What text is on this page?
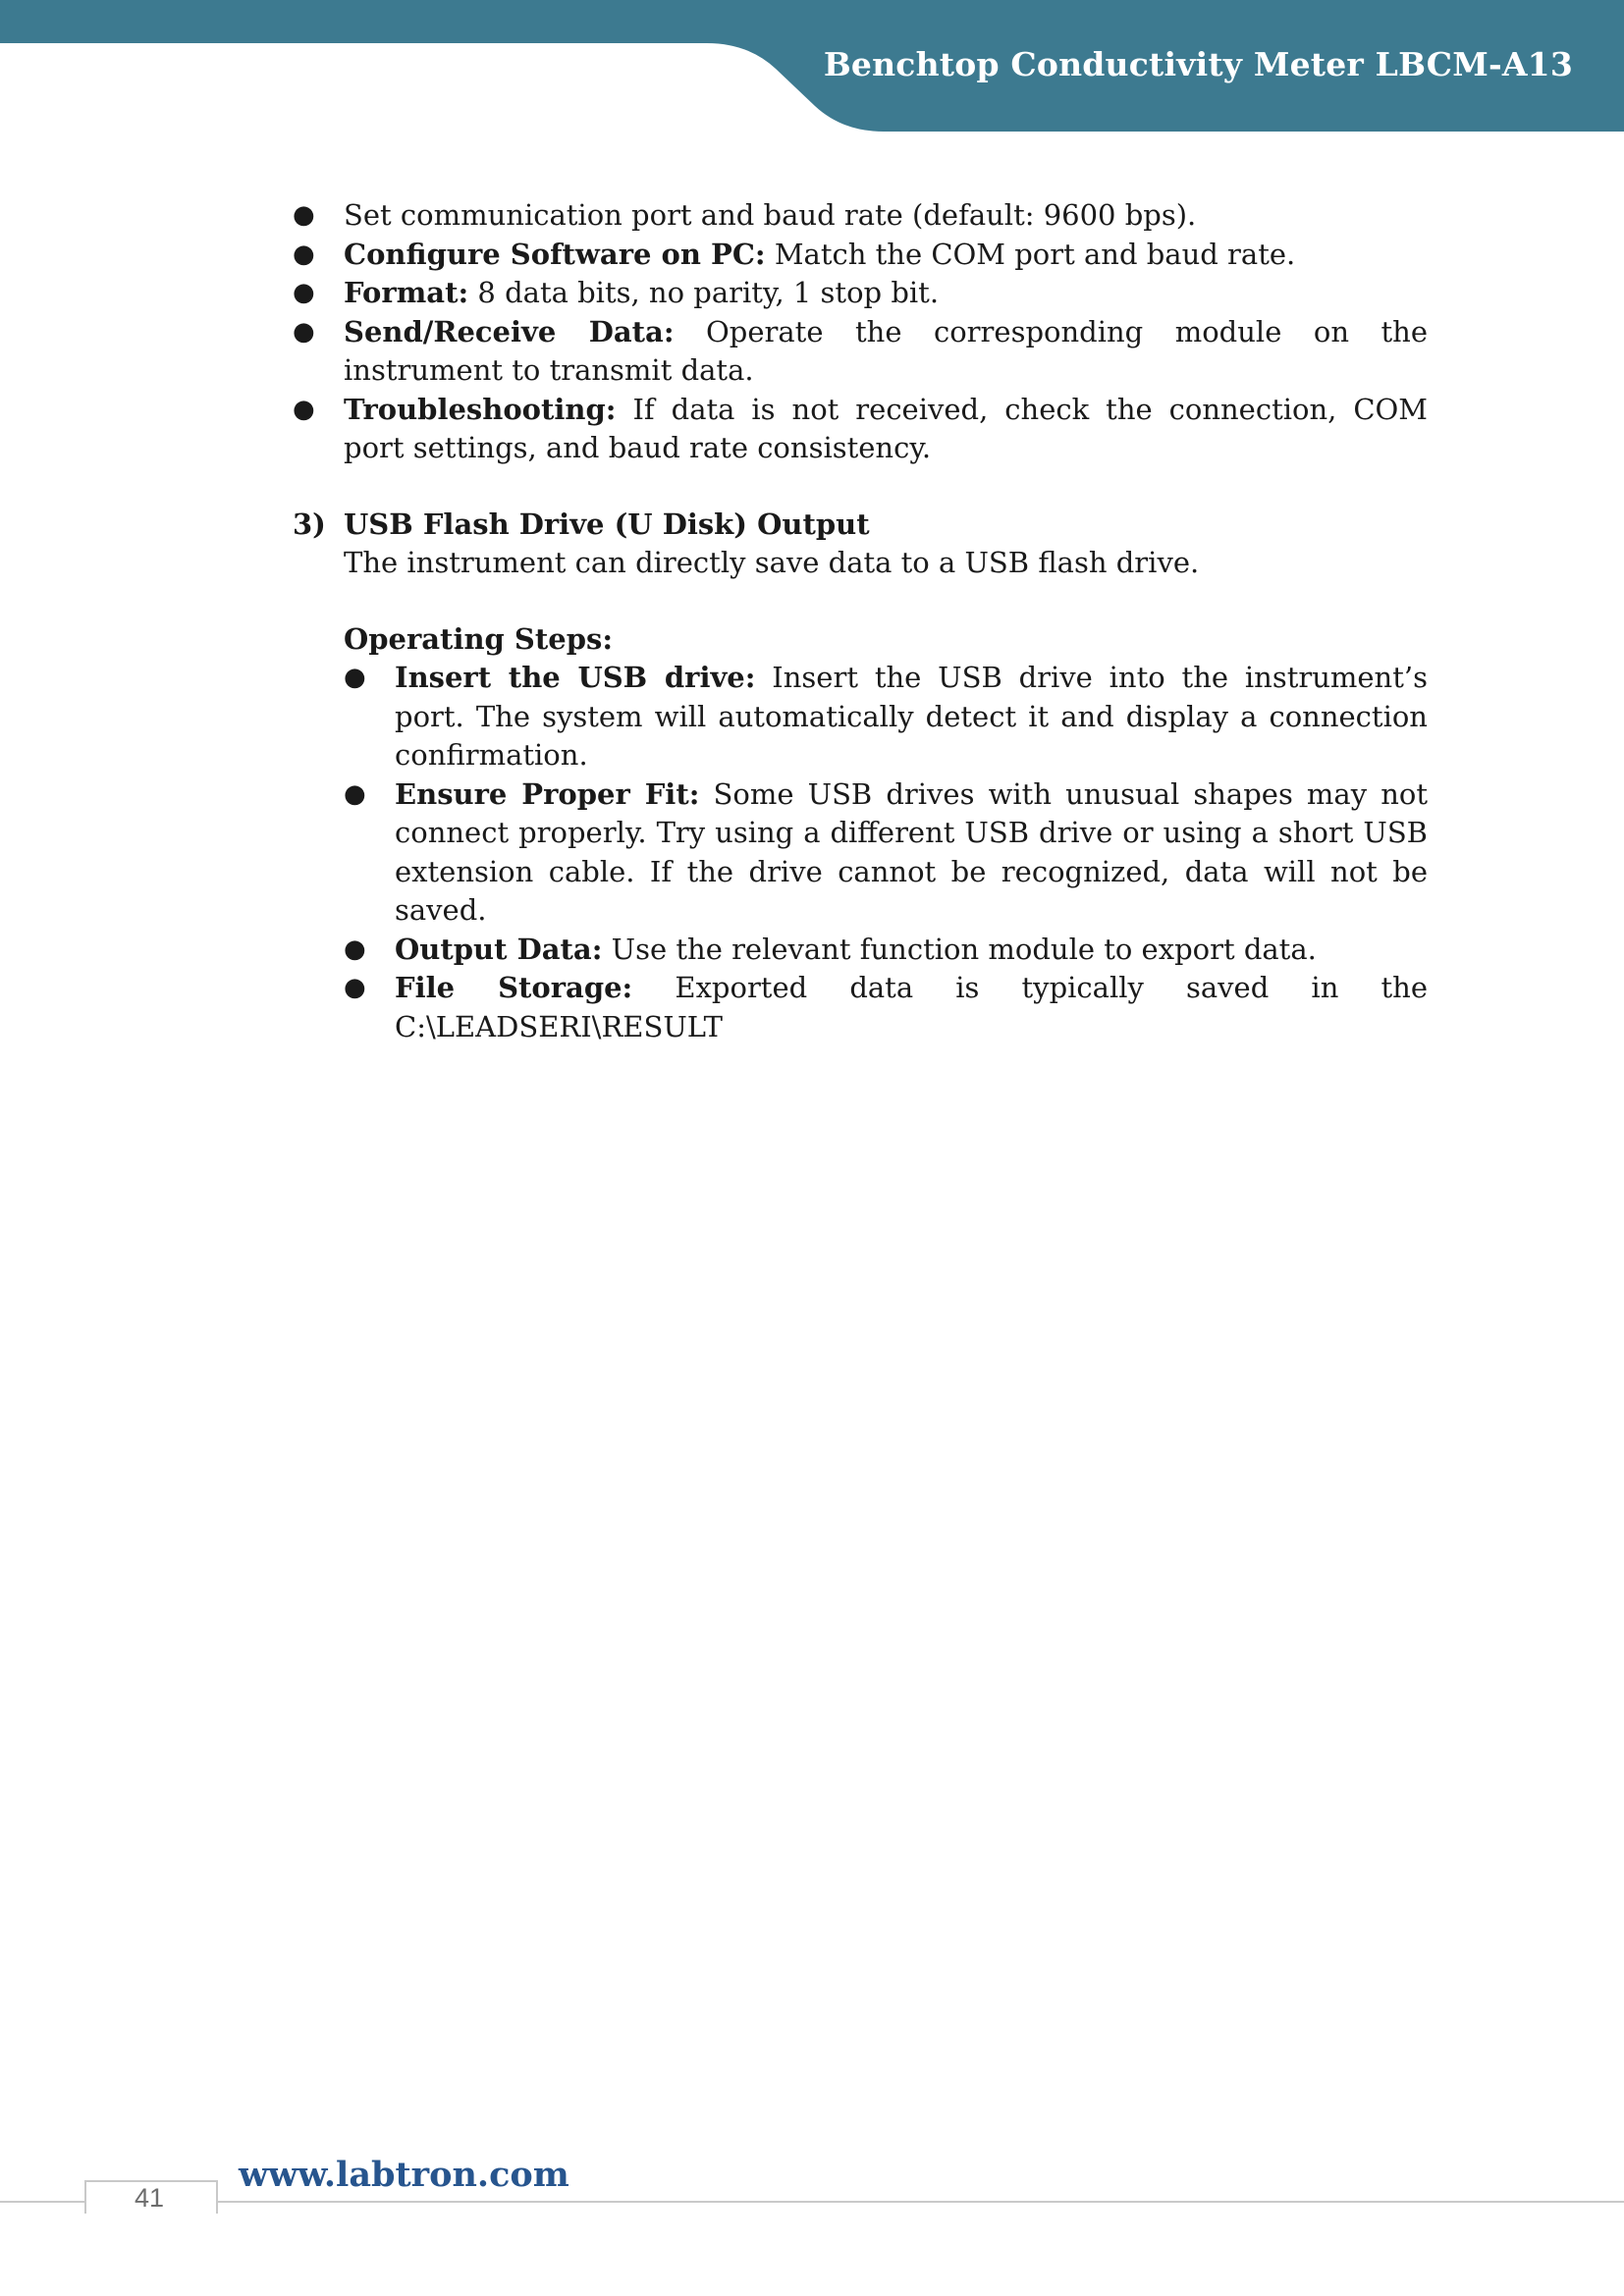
Benchtop Conductivity Meter LBCM-A13
● Set communication port and baud rate (default: 9600 bps).
● Configure Software on PC: Match the COM port and baud rate.
● Format: 8 data bits, no parity, 1 stop bit.
● Send/Receive Data: Operate the corresponding module on the instrument to transmit data.
● Troubleshooting: If data is not received, check the connection, COM port settings, and baud rate consistency.
3) USB Flash Drive (U Disk) Output
The instrument can directly save data to a USB flash drive.
Operating Steps:
● Insert the USB drive: Insert the USB drive into the instrument’s port. The system will automatically detect it and display a connection confirmation.
● Ensure Proper Fit: Some USB drives with unusual shapes may not connect properly. Try using a different USB drive or using a short USB extension cable. If the drive cannot be recognized, data will not be saved.
● Output Data: Use the relevant function module to export data.
● File Storage: Exported data is typically saved in the C:\LEADSERI\RESULT
41
www.labtron.com
